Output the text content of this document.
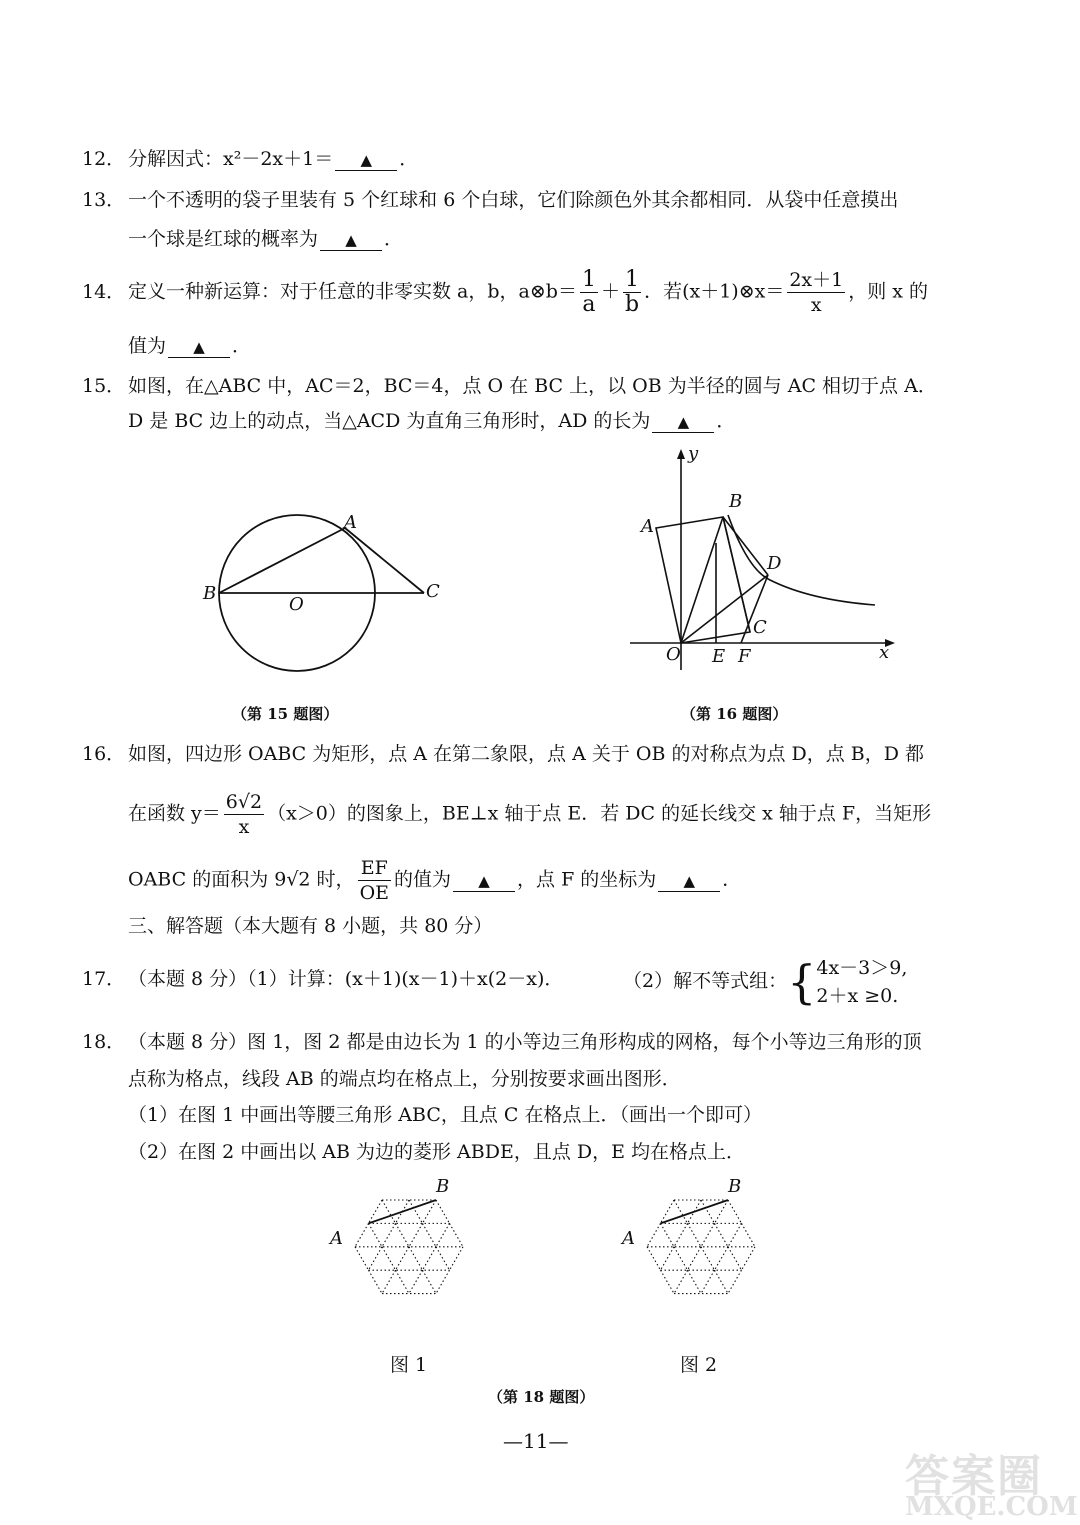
12． 分解因式：x²－2x＋1＝ ▲ ．
13． 一个不透明的袋子里装有 5 个红球和 6 个白球，它们除颜色外其余都相同．从袋中任意摸出
一个球是红球的概率为 ▲ ．
14． 定义一种新运算：对于任意的非零实数 a，b，a⊗b＝ $\frac{1}{a} + \frac{1}{b}$ ．若(x＋1)⊗x＝ $\frac{2x+1}{x}$ ，则 x 的
值为 ▲ ．
15． 如图，在△ABC 中，AC＝2，BC＝4，点 O 在 BC 上，以 OB 为半径的圆与 AC 相切于点 A．
D 是 BC 边上的动点，当△ACD 为直角三角形时，AD 的长为 ▲ ．
A
B	C
O
（第 15 题图）
y
x
A
B
D
C
O E F
（第 16 题图）
16． 如图，四边形 OABC 为矩形，点 A 在第二象限，点 A 关于 OB 的对称点为点 D，点 B，D 都
在函数 $y= \frac{6√2}{x} (x>0)$的图象上，BE⊥x 轴于点 E．若 DC 的延长线交 x 轴于点 F，当矩形
OABC 的面积为 9√2 时， $\frac{EF}{OE}$ 的值为 ▲ ，点 F 的坐标为 ▲ ．
三、解答题（本大题有 8 小题，共 80 分）
17． （本题 8 分）（1）计算：(x＋1)(x－1)＋x(2－x)．	（2）解不等式组：{ 4x－3＞9,
2＋x ≥0.
18． （本题 8 分）图 1，图 2 都是由边长为 1 的小等边三角形构成的网格，每个小等边三角形的顶
点称为格点，线段 AB 的端点均在格点上，分别按要求画出图形．
（1）在图 1 中画出等腰三角形 ABC，且点 C 在格点上．（画出一个即可）
（2）在图 2 中画出以 AB 为边的菱形 ABDE，且点 D，E 均在格点上．
B
A
B
A
图 1	图 2
（第 18 题图）
—11—
答案圈
MXQE.COM
